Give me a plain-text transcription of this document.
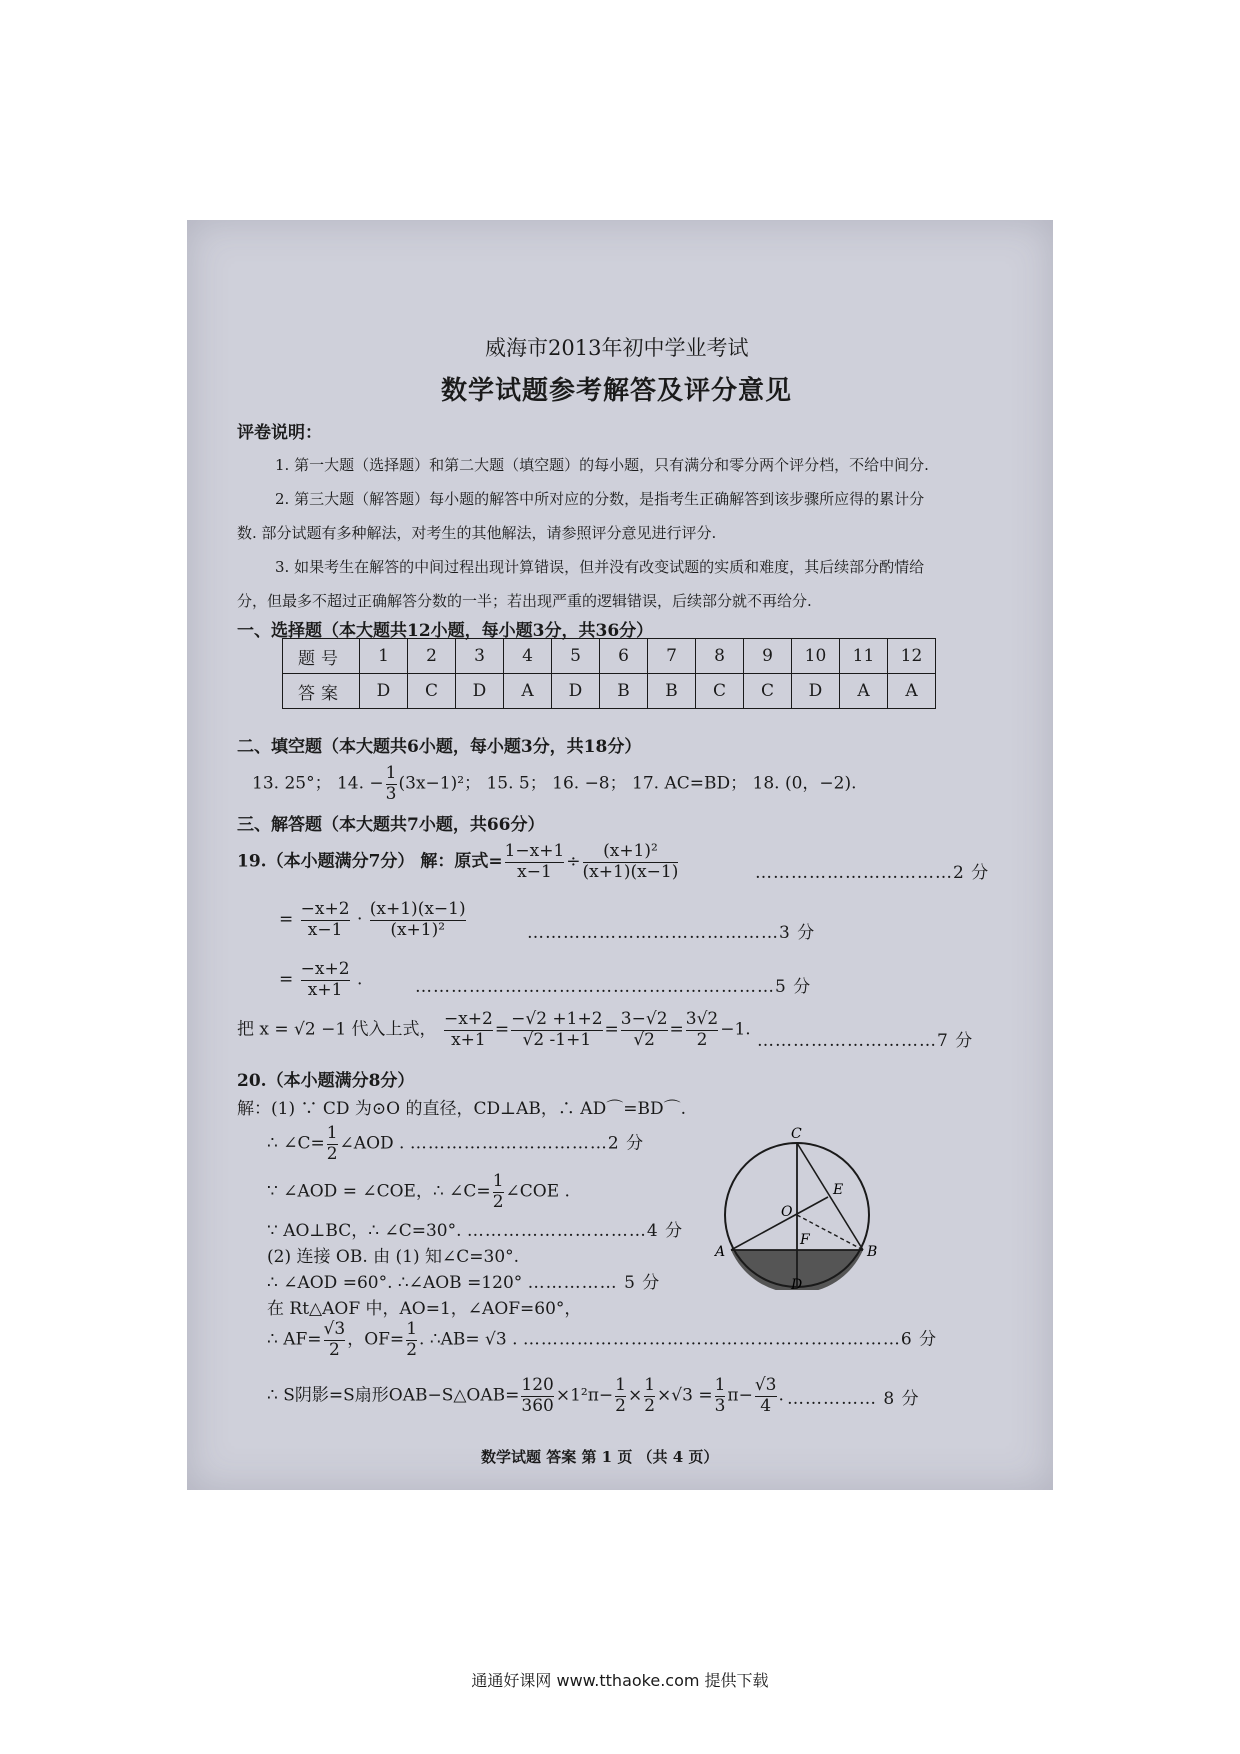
威海市2013年初中学业考试
数学试题参考解答及评分意见
评卷说明：
1. 第一大题（选择题）和第二大题（填空题）的每小题，只有满分和零分两个评分档，不给中间分.
2. 第三大题（解答题）每小题的解答中所对应的分数，是指考生正确解答到该步骤所应得的累计分
数. 部分试题有多种解法，对考生的其他解法，请参照评分意见进行评分.
3. 如果考生在解答的中间过程出现计算错误，但并没有改变试题的实质和难度，其后续部分酌情给
分，但最多不超过正确解答分数的一半；若出现严重的逻辑错误，后续部分就不再给分.
一、选择题（本大题共12小题，每小题3分，共36分）
题号	1	2	3	4	5	6	7	8	9	10	11	12
答案	D	C	D	A	D	B	B	C	C	D	A	A
二、填空题（本大题共6小题，每小题3分，共18分）
13. 25°； 14. − $\frac{1}{3} (3x-1)^2$； 15. 5； 16. −8； 17. AC=BD； 18. (0，−2).
三、解答题（本大题共7小题，共66分）
19.（本小题满分7分） 解：原式= $\frac{1-x+1}{x-1} \div \frac{\text{(x+1)²}}{(x+1)(x-1)}$	……………………………2 分
= $\frac{-x+2}{x-1} \cdot \frac{(x+1)(x-1)}{\text{(x+1)²}}$	……………………………………3 分
= $\frac{-x+2}{x+1}$ .	……………………………………………………5 分
把 x = √2 −1 代入上式， $\frac{-x+2}{x+1} = \frac{-√2 +1+2}{√2 -1+1} = \frac{3-√2}{√2} = \frac{3√2}{2} -1$.
…………………………7 分
20.（本小题满分8分）
解：(1) ∵ CD 为⊙O 的直径，CD⊥AB，∴ AD⌒=BD⌒.
∴ ∠C= $\frac{1}{2}$ ∠AOD . ……………………………2 分
∵ ∠AOD = ∠COE，∴ ∠C= $\frac{1}{2}$ ∠COE .
∵ AO⊥BC，∴ ∠C=30°. …………………………4 分
(2) 连接 OB. 由 (1) 知∠C=30°.
∴ ∠AOD =60°. ∴∠AOB =120° …………… 5 分
在 Rt△AOF 中，AO=1，∠AOF=60°，
∴ $AF= \frac{√3}{2}$ ，$OF= \frac{1}{2}$ . ∴AB= √3 . ………………………………………………………6 分
∴ S阴影=S扇形OAB−S△OAB= $\frac{120}{360} \times 1^2\pi- \frac{1}{2} \times \frac{1}{2} \times√3 = \frac{1}{3} \pi- \frac{√3}{4}$ . …………… 8 分
C
E
O
F
A	B
D
数学试题 答案 第 1 页 （共 4 页）
通通好课网 www.tthaoke.com 提供下载
